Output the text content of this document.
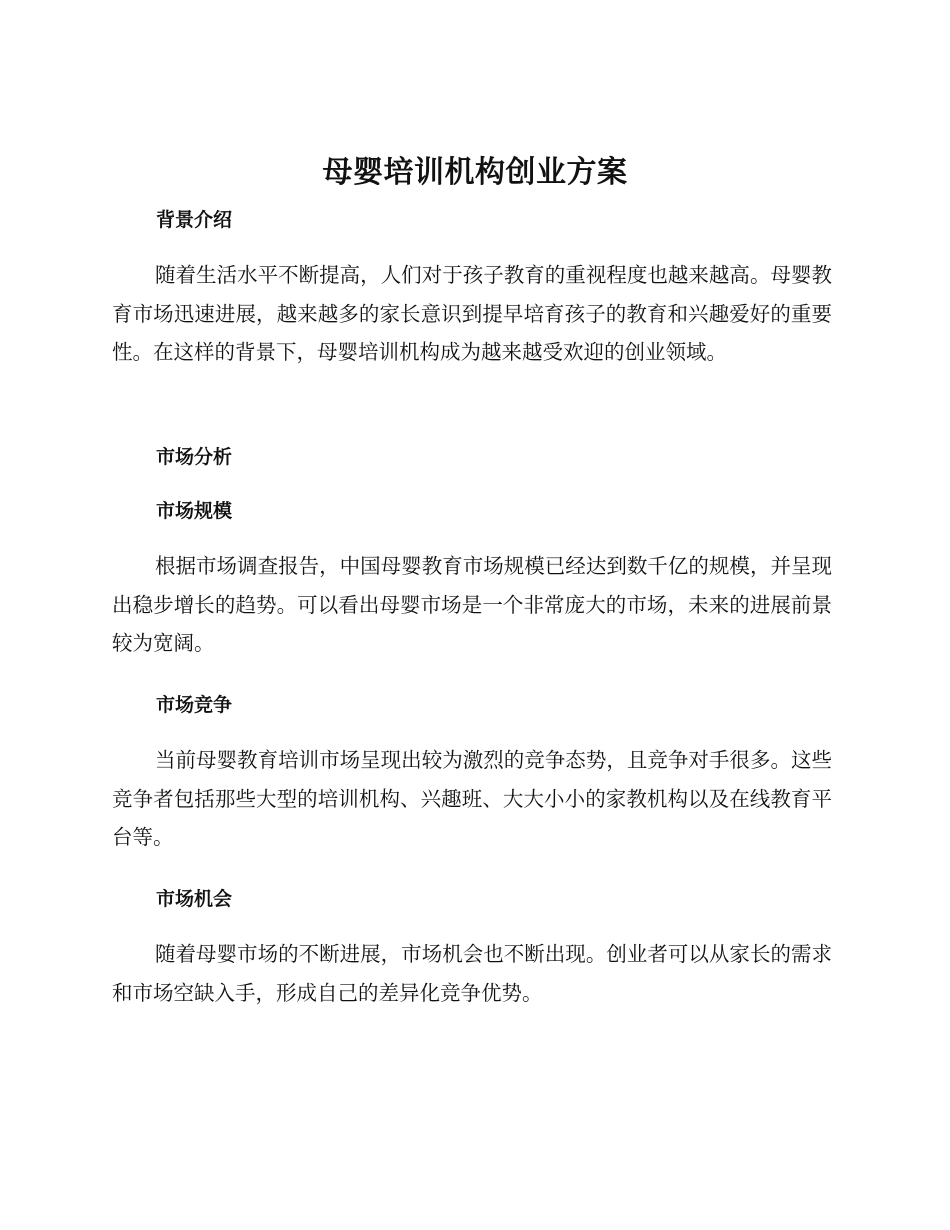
母婴培训机构创业方案
背景介绍

随着生活水平不断提高，人们对于孩子教育的重视程度也越来越高。母婴教育市场迅速进展，越来越多的家长意识到提早培育孩子的教育和兴趣爱好的重要性。在这样的背景下，母婴培训机构成为越来越受欢迎的创业领域。

市场分析
市场规模

根据市场调查报告，中国母婴教育市场规模已经达到数千亿的规模，并呈现出稳步增长的趋势。可以看出母婴市场是一个非常庞大的市场，未来的进展前景较为宽阔。

市场竞争

当前母婴教育培训市场呈现出较为激烈的竞争态势，且竞争对手很多。这些竞争者包括那些大型的培训机构、兴趣班、大大小小的家教机构以及在线教育平台等。

市场机会

随着母婴市场的不断进展，市场机会也不断出现。创业者可以从家长的需求和市场空缺入手，形成自己的差异化竞争优势。
